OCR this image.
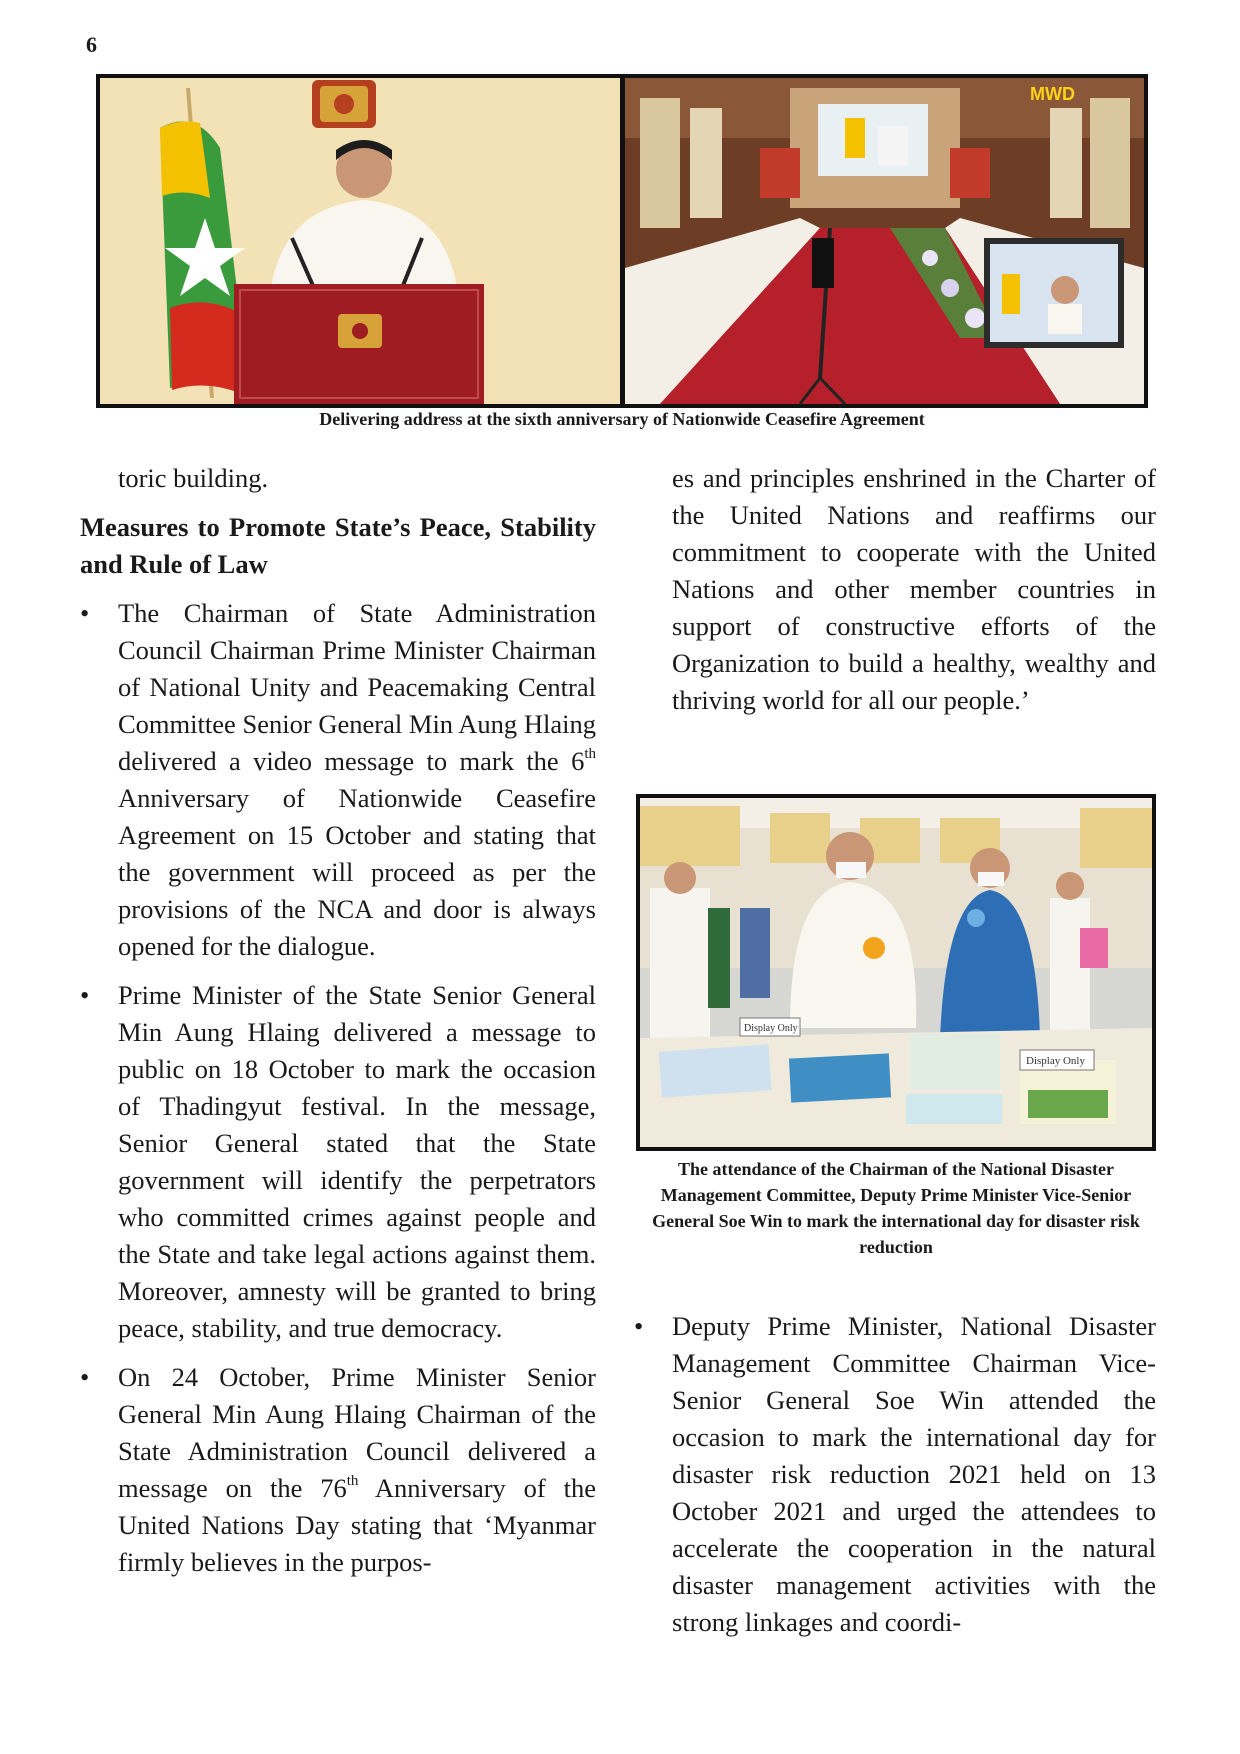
6
MWD
Delivering address at the sixth anniversary of Nationwide Ceasefire Agreement

toric building.

Measures to Promote State’s Peace, Stability and Rule of Law

•	The Chairman of State Administration Council Chairman Prime Minister Chairman of National Unity and Peacemaking Central Committee Senior General Min Aung Hlaing delivered a video message to mark the 6th Anniversary of Nationwide Ceasefire Agreement on 15 October and stating that the government will proceed as per the provisions of the NCA and door is always opened for the dialogue.

•	Prime Minister of the State Senior General Min Aung Hlaing delivered a message to public on 18 October to mark the occasion of Thadingyut festival. In the message, Senior General stated that the State government will identify the perpetrators who committed crimes against people and the State and take legal actions against them. Moreover, amnesty will be granted to bring peace, stability, and true democracy.

•	On 24 October, Prime Minister Senior General Min Aung Hlaing Chairman of the State Administration Council delivered a message on the 76th Anniversary of the United Nations Day stating that ‘Myanmar firmly believes in the purpos-

es and principles enshrined in the Charter of the United Nations and reaffirms our commitment to cooperate with the United Nations and other member countries in support of constructive efforts of the Organization to build a healthy, wealthy and thriving world for all our people.’

Display Only
Display Only
The attendance of the Chairman of the National Disaster Management Committee, Deputy Prime Minister Vice-Senior General Soe Win to mark the international day for disaster risk reduction
•	Deputy Prime Minister, National Disaster Management Committee Chairman Vice-Senior General Soe Win attended the occasion to mark the international day for disaster risk reduction 2021 held on 13 October 2021 and urged the attendees to accelerate the cooperation in the natural disaster management activities with the strong linkages and coordi-
